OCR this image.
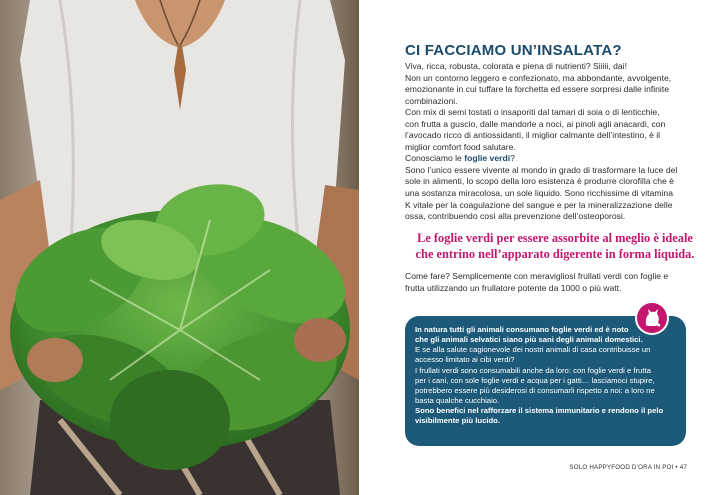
CI FACCIAMO UN’INSALATA?
Viva, ricca, robusta, colorata e piena di nutrienti? Siiiii, dai!
Non un contorno leggero e confezionato, ma abbondante, avvolgente,
emozionante in cui tuffare la forchetta ed essere sorpresi dalle infinite
combinazioni.
Con mix di semi tostati o insaporiti dal tamari di soia o di lenticchie,
con frutta a guscio, dalle mandorle a noci, ai pinoli agli anacardi, con
l’avocado ricco di antiossidanti, il miglior calmante dell’intestino, è il
miglior comfort food salutare.
Conosciamo le foglie verdi?
Sono l’unico essere vivente al mondo in grado di trasformare la luce del
sole in alimenti, lo scopo della loro esistenza è produrre clorofilla che è
una sostanza miracolosa, un sole liquido. Sono ricchissime di vitamina
K vitale per la coagulazione del sangue e per la mineralizzazione delle
ossa, contribuendo così alla prevenzione dell’osteoporosi.
Le foglie verdi per essere assorbite al meglio è ideale
che entrino nell’apparato digerente in forma liquida.
Come fare? Semplicemente con meravigliosi frullati verdi con foglie e
frutta utilizzando un frullatore potente da 1000 o più watt.
In natura tutti gli animali consumano foglie verdi ed è noto
che gli animali selvatici siano più sani degli animali domestici.
E se alla salute cagionevole dei nostri animali di casa contribuisse un
accesso limitato ai cibi verdi?
I frullati verdi sono consumabili anche da loro: con foglie verdi e frutta
per i cani, con sole foglie verdi e acqua per i gatti… lasciamoci stupire,
potrebbero essere più desiderosi di consumarli rispetto a noi: a loro ne
basta qualche cucchiaio.
Sono benefici nel rafforzare il sistema immunitario e rendono il pelo
visibilmente più lucido.
SOLO HAPPYFOOD D’ORA IN POI • 47
